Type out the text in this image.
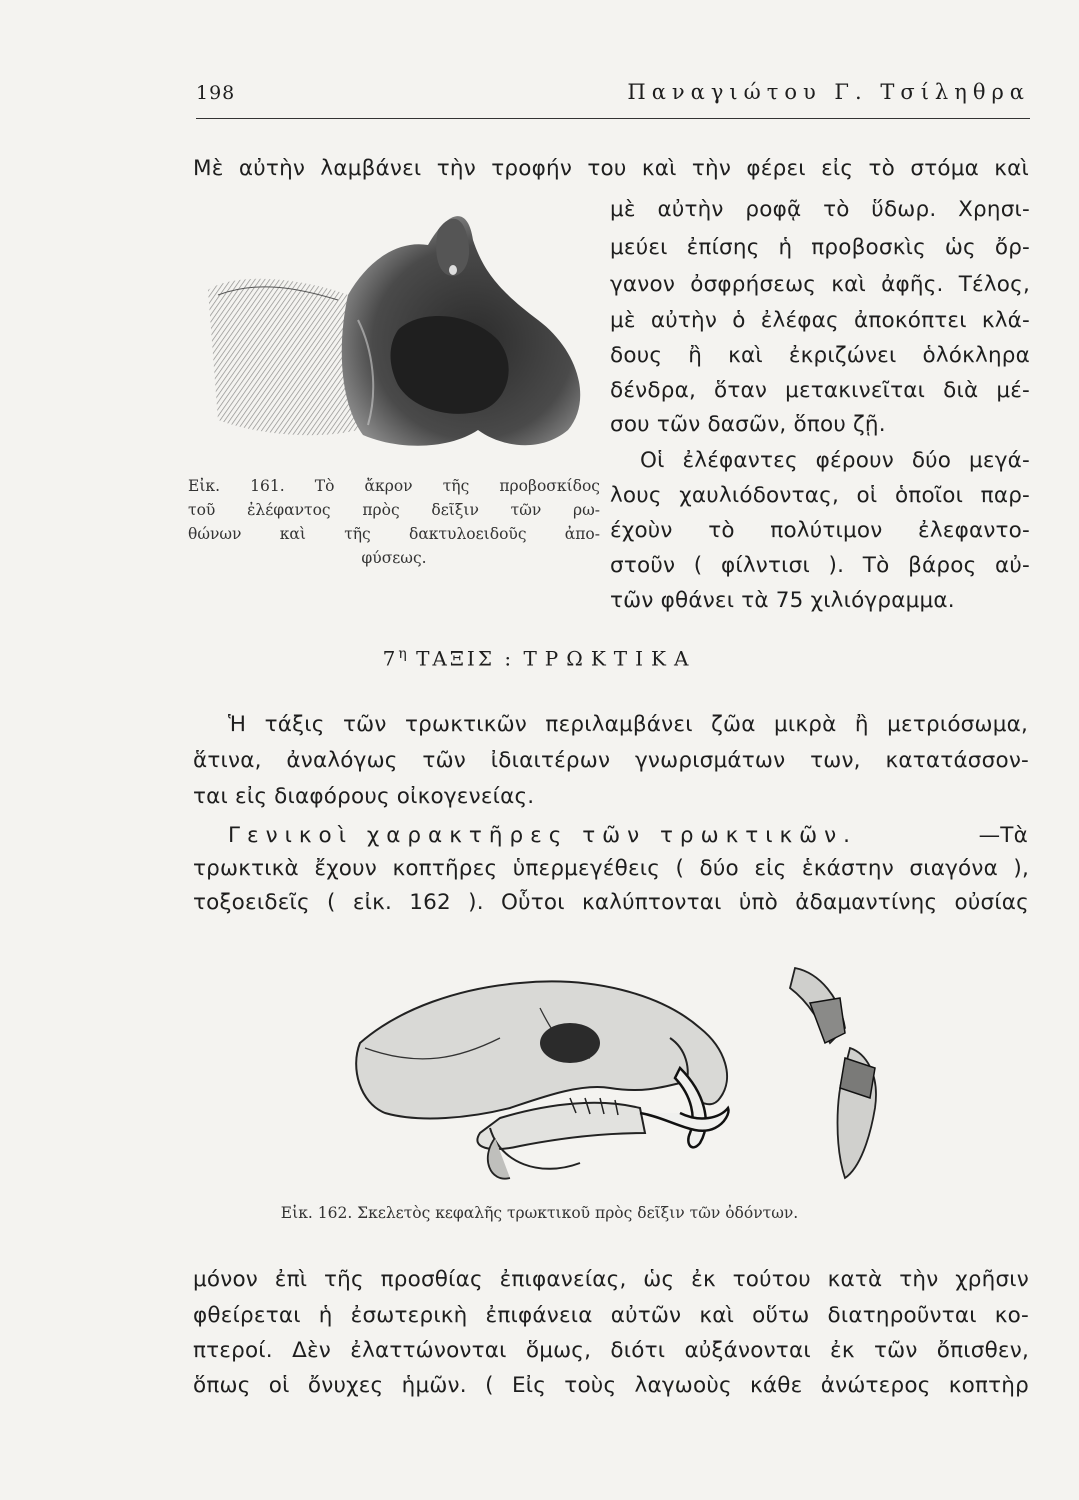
198	Παναγιώτου Γ. Τσίληθρα
Μὲ αὐτὴν λαμβάνει τὴν τροφήν του καὶ τὴν φέρει εἰς τὸ στόμα καὶ
μὲ αὐτὴν ροφᾷ τὸ ὕδωρ. Χρησι-
μεύει ἐπίσης ἡ προβοσκὶς ὡς ὄρ-
γανον ὀσφρήσεως καὶ ἀφῆς. Τέλος,
μὲ αὐτὴν ὁ ἐλέφας ἀποκόπτει κλά-
δους ἢ καὶ ἐκριζώνει ὁλόκληρα
δένδρα, ὅταν μετακινεῖται διὰ μέ-
σου τῶν δασῶν, ὅπου ζῇ.
Οἱ ἐλέφαντες φέρουν δύο μεγά-
λους χαυλιόδοντας, οἱ ὁποῖοι παρ-
έχοὺν τὸ πολύτιμον ἐλεφαντο-
στοῦν ( φίλντισι ). Τὸ βάρος αὐ-
τῶν φθάνει τὰ 75 χιλιόγραμμα.
Εἰκ. 161. Τὸ ἄκρον τῆς προβοσκίδος
τοῦ ἐλέφαντος πρὸς δεῖξιν τῶν ρω-
θώνων καὶ τῆς δακτυλοειδοῦς ἀπο-
φύσεως.
$7^\eta$ ΤΑΞΙΣ : ΤΡΩΚΤΙΚΑ
Ἡ τάξις τῶν τρωκτικῶν περιλαμβάνει ζῶα μικρὰ ἢ μετριόσωμα,
ἅτινα, ἀναλόγως τῶν ἰδιαιτέρων γνωρισμάτων των, κατατάσσον-
ται εἰς διαφόρους οἰκογενείας.
Γενικοὶ χαρακτῆρες τῶν τρωκτικῶν.	—Τὰ
τρωκτικὰ ἔχουν κοπτῆρες ὑπερμεγέθεις ( δύο εἰς ἑκάστην σιαγόνα ),
τοξοειδεῖς ( εἰκ. 162 ). Οὗτοι καλύπτονται ὑπὸ ἀδαμαντίνης οὐσίας
Εἰκ. 162. Σκελετὸς κεφαλῆς τρωκτικοῦ πρὸς δεῖξιν τῶν ὀδόντων.
μόνον ἐπὶ τῆς προσθίας ἐπιφανείας, ὡς ἐκ τούτου κατὰ τὴν χρῆσιν
φθείρεται ἡ ἐσωτερικὴ ἐπιφάνεια αὐτῶν καὶ οὕτω διατηροῦνται κο-
πτεροί. Δὲν ἐλαττώνονται ὅμως, διότι αὐξάνονται ἐκ τῶν ὄπισθεν,
ὅπως οἱ ὄνυχες ἡμῶν. ( Εἰς τοὺς λαγωοὺς κάθε ἀνώτερος κοπτὴρ
